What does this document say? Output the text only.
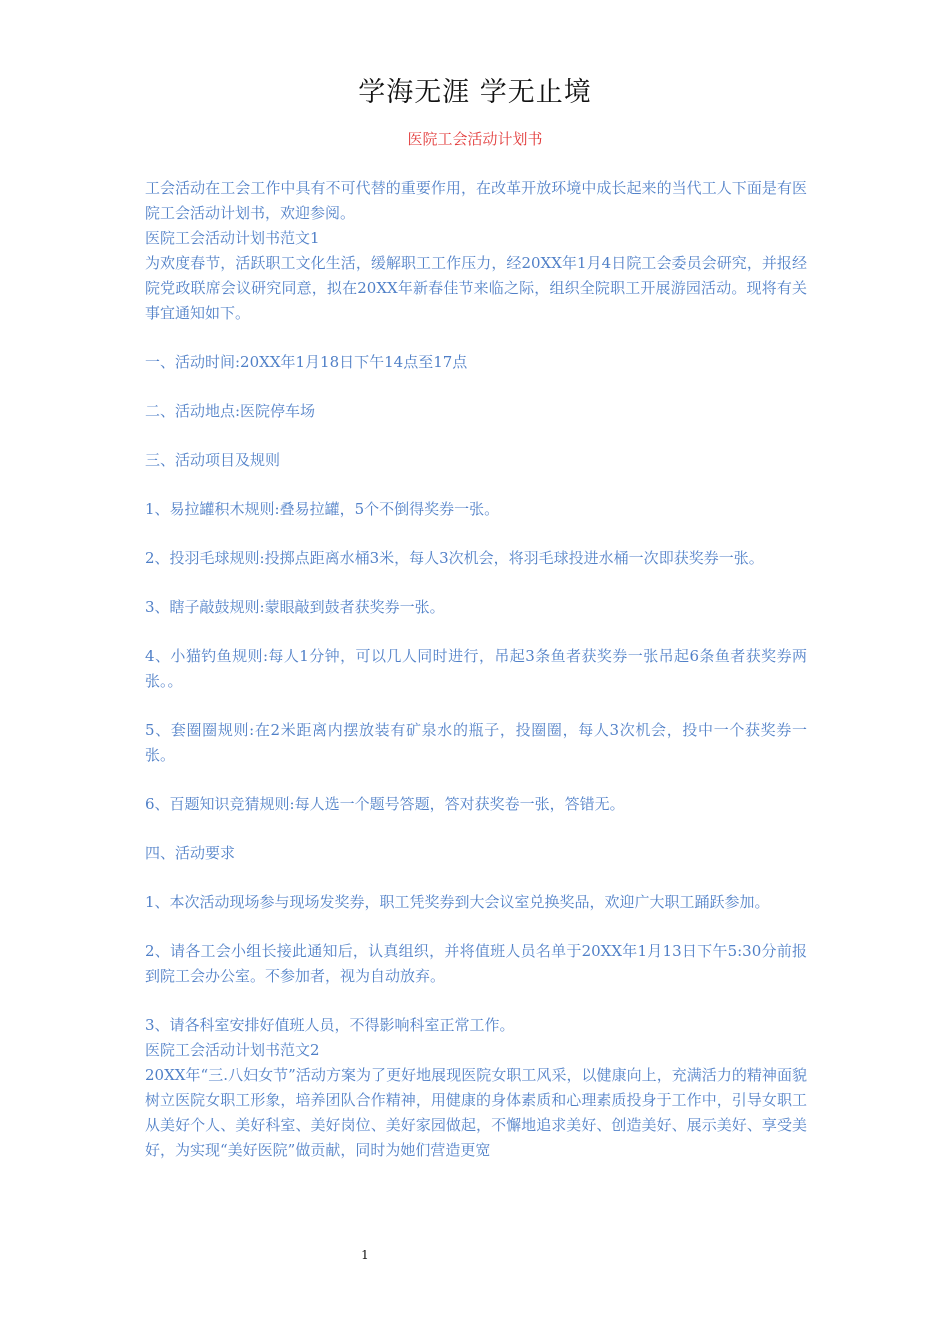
学海无涯 学无止境
医院工会活动计划书

工会活动在工会工作中具有不可代替的重要作用，在改革开放环境中成长起来的当代工人下面是有医院工会活动计划书，欢迎参阅。

医院工会活动计划书范文1

为欢度春节，活跃职工文化生活，缓解职工工作压力，经20XX年1月4日院工会委员会研究，并报经院党政联席会议研究同意，拟在20XX年新春佳节来临之际，组织全院职工开展游园活动。现将有关事宜通知如下。

一、活动时间:20XX年1月18日下午14点至17点

二、活动地点:医院停车场

三、活动项目及规则

1、易拉罐积木规则:叠易拉罐，5个不倒得奖券一张。

2、投羽毛球规则:投掷点距离水桶3米，每人3次机会，将羽毛球投进水桶一次即获奖券一张。

3、瞎子敲鼓规则:蒙眼敲到鼓者获奖券一张。

4、小猫钓鱼规则:每人1分钟，可以几人同时进行，吊起3条鱼者获奖券一张吊起6条鱼者获奖券两张。。

5、套圈圈规则:在2米距离内摆放装有矿泉水的瓶子，投圈圈，每人3次机会，投中一个获奖券一张。

6、百题知识竞猜规则:每人选一个题号答题，答对获奖卷一张，答错无。

四、活动要求

1、本次活动现场参与现场发奖券，职工凭奖券到大会议室兑换奖品，欢迎广大职工踊跃参加。

2、请各工会小组长接此通知后，认真组织，并将值班人员名单于20XX年1月13日下午5:30分前报到院工会办公室。不参加者，视为自动放弃。

3、请各科室安排好值班人员，不得影响科室正常工作。

医院工会活动计划书范文2

20XX年“三.八妇女节”活动方案为了更好地展现医院女职工风采，以健康向上，充满活力的精神面貌树立医院女职工形象，培养团队合作精神，用健康的身体素质和心理素质投身于工作中，引导女职工从美好个人、美好科室、美好岗位、美好家园做起，不懈地追求美好、创造美好、展示美好、享受美好，为实现“美好医院”做贡献，同时为她们营造更宽

1
